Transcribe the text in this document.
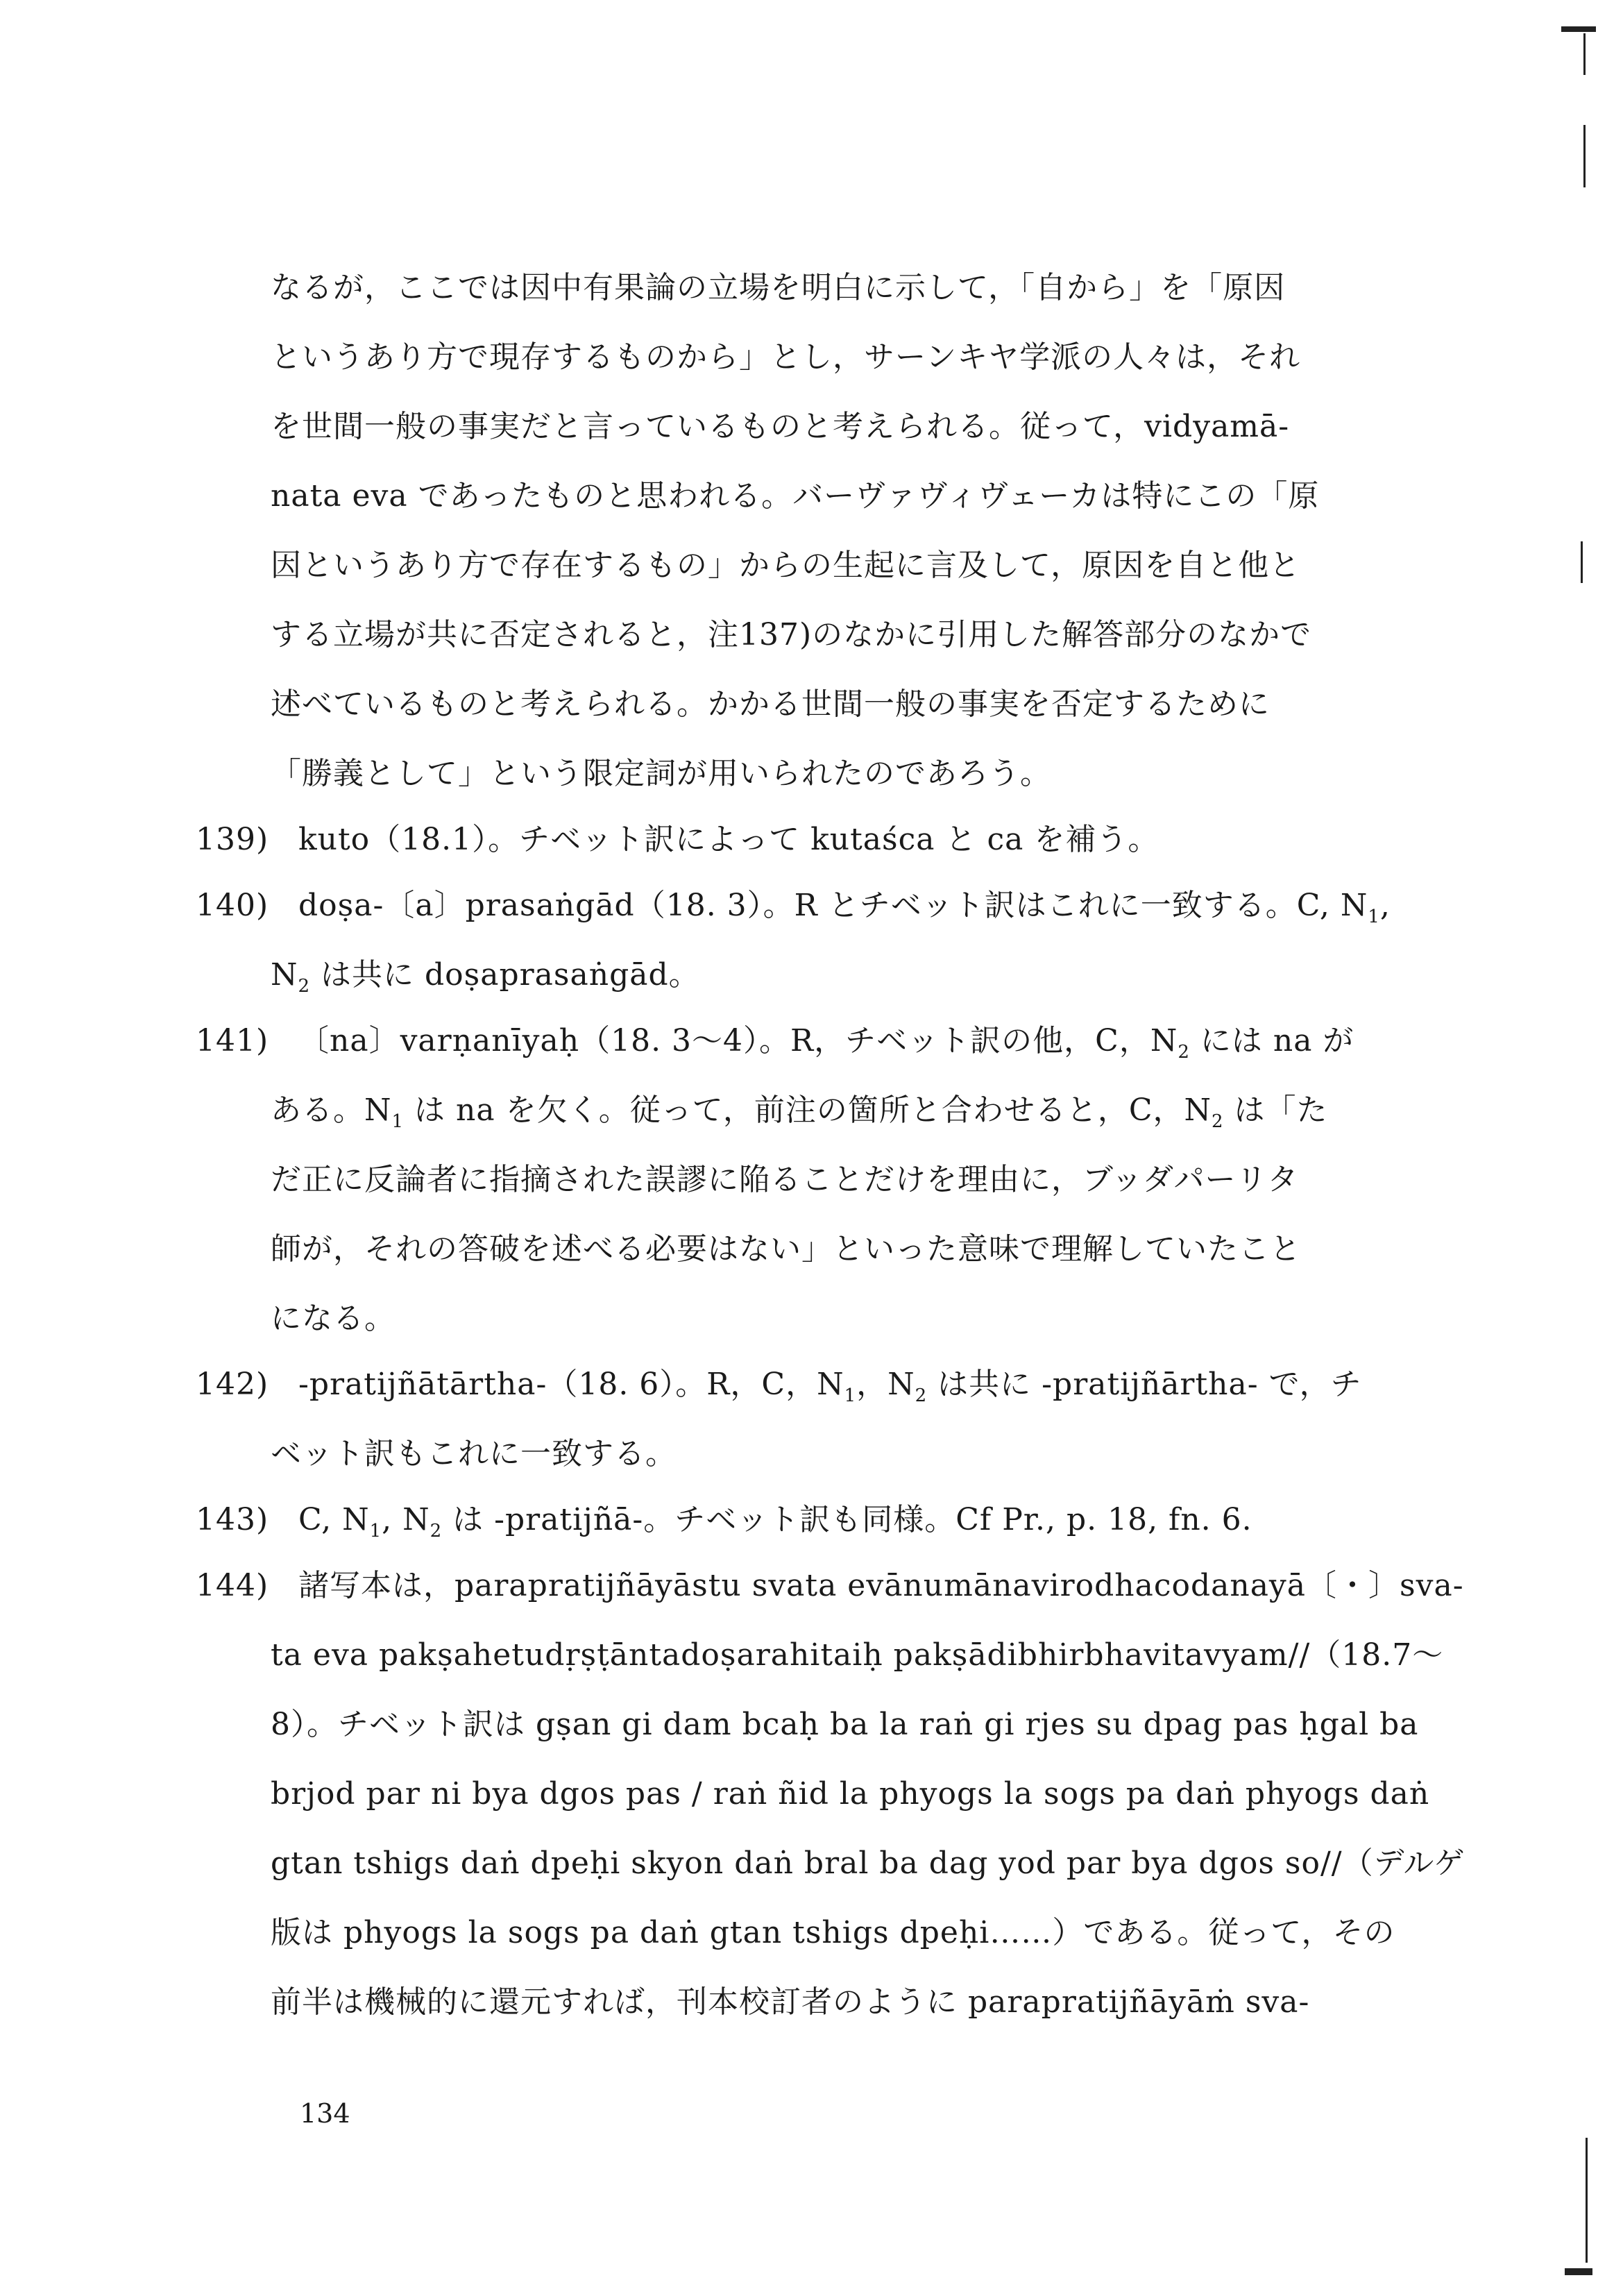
なるが，ここでは因中有果論の立場を明白に示して，「自から」を「原因
というあり方で現存するものから」とし，サーンキヤ学派の人々は，それ
を世間一般の事実だと言っているものと考えられる。従って，vidyamā-
nata eva であったものと思われる。バーヴァヴィヴェーカは特にこの「原
因というあり方で存在するもの」からの生起に言及して，原因を自と他と
する立場が共に否定されると，注137)のなかに引用した解答部分のなかで
述べているものと考えられる。かかる世間一般の事実を否定するために
「勝義として」という限定詞が用いられたのであろう。
139) kuto（18.1）。チベット訳によって kutaśca と ca を補う。
140) doṣa-〔a〕prasaṅgād（18. 3）。R とチベット訳はこれに一致する。C, $N_1$,
$N_2$ は共に doṣaprasaṅgād。
141) 〔na〕varṇanīyaḥ（18. 3〜4）。R，チベット訳の他，C，$N_2$ には na が
ある。$N_1$ は na を欠く。従って，前注の箇所と合わせると，C，$N_2$ は「た
だ正に反論者に指摘された誤謬に陥ることだけを理由に，ブッダパーリタ
師が，それの答破を述べる必要はない」といった意味で理解していたこと
になる。
142) -pratijñātārtha-（18. 6）。R，C，$N_1$，$N_2$ は共に -pratijñārtha- で，チ
ベット訳もこれに一致する。
143) C, $N_1$, $N_2$ は -pratijñā-。チベット訳も同様。Cf Pr., p. 18, fn. 6.
144) 諸写本は，parapratijñāyāstu svata evānumānavirodhacodanayā〔・〕sva-
ta eva pakṣahetudṛṣṭāntadoṣarahitaiḥ pakṣādibhirbhavitavyam//（18.7〜
8）。チベット訳は gṣan gi dam bcaḥ ba la raṅ gi rjes su dpag pas ḥgal ba
brjod par ni bya dgos pas / raṅ ñid la phyogs la sogs pa daṅ phyogs daṅ
gtan tshigs daṅ dpeḥi skyon daṅ bral ba dag yod par bya dgos so//（デルゲ
版は phyogs la sogs pa daṅ gtan tshigs dpeḥi……）である。従って，その
前半は機械的に還元すれば，刊本校訂者のように parapratijñāyāṁ sva-
134
